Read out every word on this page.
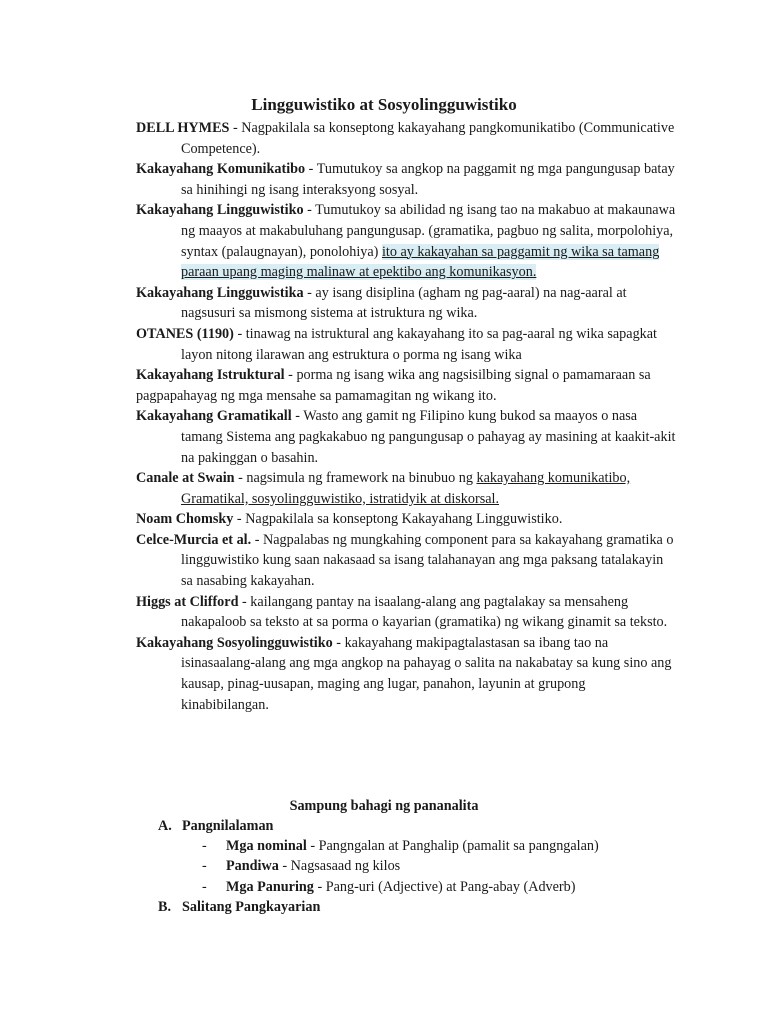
Lingguwistiko at Sosyolingguwistiko

DELL HYMES - Nagpakilala sa konseptong kakayahang pangkomunikatibo (Communicative Competence).

Kakayahang Komunikatibo - Tumutukoy sa angkop na paggamit ng mga pangungusap batay sa hinihingi ng isang interaksyong sosyal.

Kakayahang Lingguwistiko - Tumutukoy sa abilidad ng isang tao na makabuo at makaunawa ng maayos at makabuluhang pangungusap. (gramatika, pagbuo ng salita, morpolohiya, syntax (palaugnayan), ponolohiya) ito ay kakayahan sa paggamit ng wika sa tamang paraan upang maging malinaw at epektibo ang komunikasyon.

Kakayahang Lingguwistika - ay isang disiplina (agham ng pag-aaral) na nag-aaral at nagsusuri sa mismong sistema at istruktura ng wika.

OTANES (1190) - tinawag na istruktural ang kakayahang ito sa pag-aaral ng wika sapagkat layon nitong ilarawan ang estruktura o porma ng isang wika

Kakayahang Istruktural - porma ng isang wika ang nagsisilbing signal o pamamaraan sa pagpapahayag ng mga mensahe sa pamamagitan ng wikang ito.

Kakayahang Gramatikall - Wasto ang gamit ng Filipino kung bukod sa maayos o nasa tamang Sistema ang pagkakabuo ng pangungusap o pahayag ay masining at kaakit-akit na pakinggan o basahin.

Canale at Swain - nagsimula ng framework na binubuo ng kakayahang komunikatibo, Gramatikal, sosyolingguwistiko, istratidyik at diskorsal.

Noam Chomsky - Nagpakilala sa konseptong Kakayahang Lingguwistiko.

Celce-Murcia et al. - Nagpalabas ng mungkahing component para sa kakayahang gramatika o lingguwistiko kung saan nakasaad sa isang talahanayan ang mga paksang tatalakayin sa nasabing kakayahan.

Higgs at Clifford - kailangang pantay na isaalang-alang ang pagtalakay sa mensaheng nakapaloob sa teksto at sa porma o kayarian (gramatika) ng wikang ginamit sa teksto.

Kakayahang Sosyolingguwistiko - kakayahang makipagtalastasan sa ibang tao na isinasaalang-alang ang mga angkop na pahayag o salita na nakabatay sa kung sino ang kausap, pinag-uusapan, maging ang lugar, panahon, layunin at grupong kinabibilangan.

Sampung bahagi ng pananalita
A. Pangnilalaman
- Mga nominal - Pangngalan at Panghalip (pamalit sa pangngalan)
- Pandiwa - Nagsasaad ng kilos
- Mga Panuring - Pang-uri (Adjective) at Pang-abay (Adverb)
B. Salitang Pangkayarian
